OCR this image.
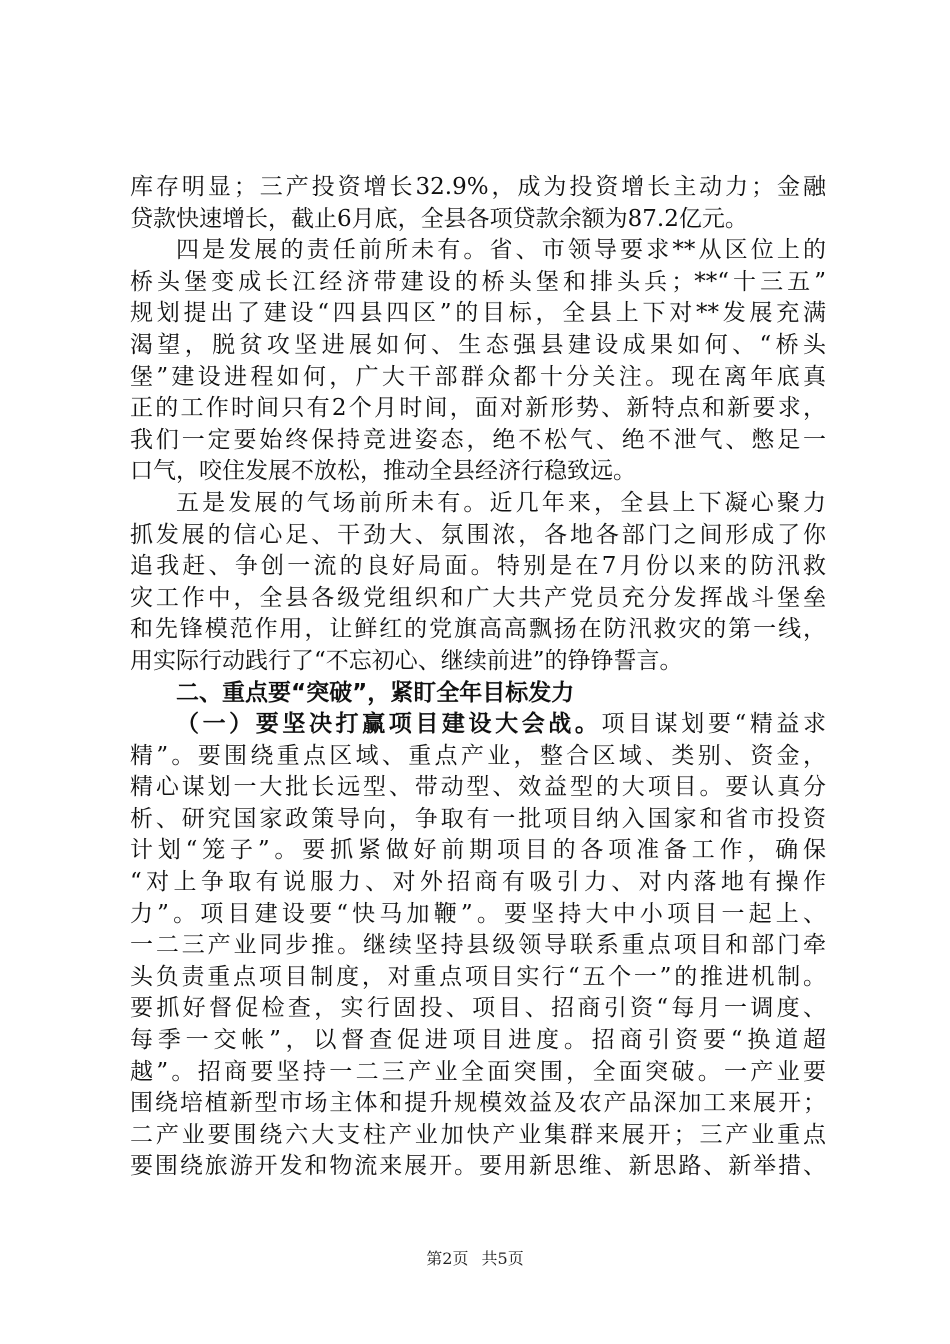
库存明显；三产投资增长32.9%，成为投资增长主动力；金融
贷款快速增长，截止6月底，全县各项贷款余额为87.2亿元。
四是发展的责任前所未有。省、市领导要求**从区位上的
桥头堡变成长江经济带建设的桥头堡和排头兵；**“十三五”
规划提出了建设“四县四区”的目标，全县上下对**发展充满
渴望，脱贫攻坚进展如何、生态强县建设成果如何、“桥头
堡”建设进程如何，广大干部群众都十分关注。现在离年底真
正的工作时间只有2个月时间，面对新形势、新特点和新要求，
我们一定要始终保持竞进姿态，绝不松气、绝不泄气、憋足一
口气，咬住发展不放松，推动全县经济行稳致远。
五是发展的气场前所未有。近几年来，全县上下凝心聚力
抓发展的信心足、干劲大、氛围浓，各地各部门之间形成了你
追我赶、争创一流的良好局面。特别是在7月份以来的防汛救
灾工作中，全县各级党组织和广大共产党员充分发挥战斗堡垒
和先锋模范作用，让鲜红的党旗高高飘扬在防汛救灾的第一线，
用实际行动践行了“不忘初心、继续前进”的铮铮誓言。
二、重点要“突破”，紧盯全年目标发力
（一）要坚决打赢项目建设大会战。项目谋划要“精益求
精”。要围绕重点区域、重点产业，整合区域、类别、资金，
精心谋划一大批长远型、带动型、效益型的大项目。要认真分
析、研究国家政策导向，争取有一批项目纳入国家和省市投资
计划“笼子”。要抓紧做好前期项目的各项准备工作，确保
“对上争取有说服力、对外招商有吸引力、对内落地有操作
力”。项目建设要“快马加鞭”。要坚持大中小项目一起上、
一二三产业同步推。继续坚持县级领导联系重点项目和部门牵
头负责重点项目制度，对重点项目实行“五个一”的推进机制。
要抓好督促检查，实行固投、项目、招商引资“每月一调度、
每季一交帐”，以督查促进项目进度。招商引资要“换道超
越”。招商要坚持一二三产业全面突围，全面突破。一产业要
围绕培植新型市场主体和提升规模效益及农产品深加工来展开；
二产业要围绕六大支柱产业加快产业集群来展开；三产业重点
要围绕旅游开发和物流来展开。要用新思维、新思路、新举措、
第2页 共5页
